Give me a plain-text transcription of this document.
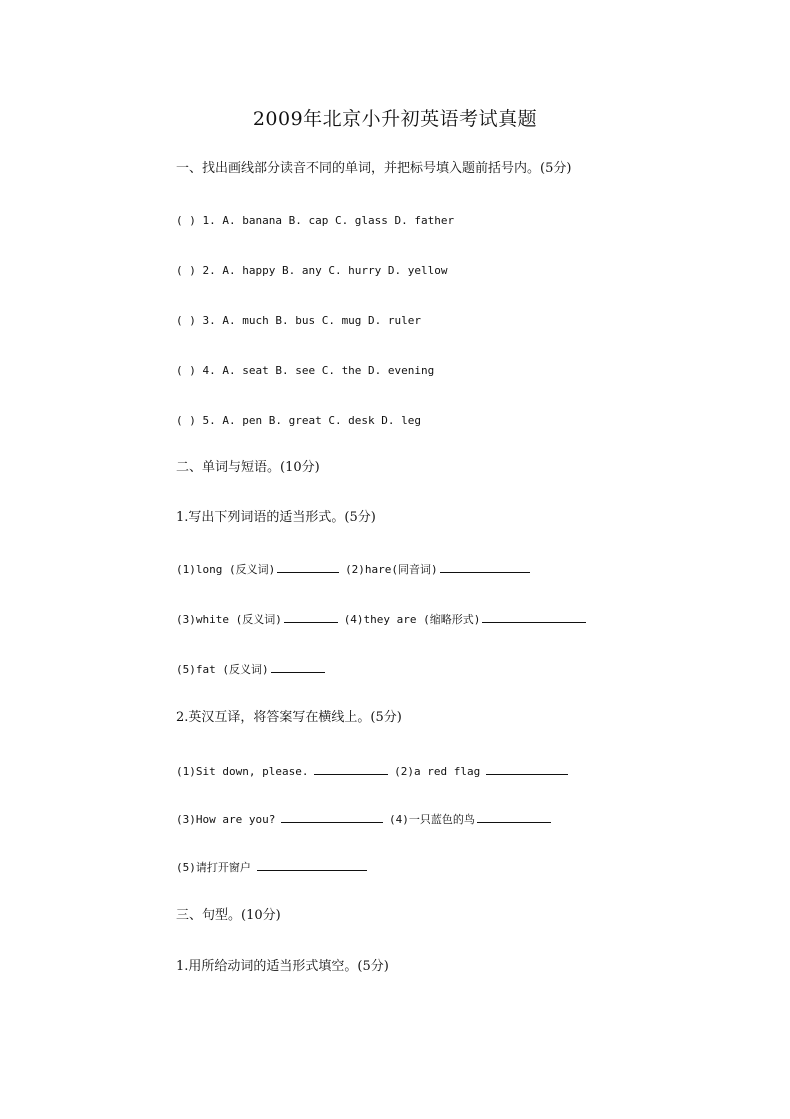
2009年北京小升初英语考试真题
一、找出画线部分读音不同的单词，并把标号填入题前括号内。(5分)
( ) 1. A. banana B. cap C. glass D. father
( ) 2. A. happy B. any C. hurry D. yellow
( ) 3. A. much B. bus C. mug D. ruler
( ) 4. A. seat B. see C. the D. evening
( ) 5. A. pen B. great C. desk D. leg
二、单词与短语。(10分)
1.写出下列词语的适当形式。(5分)
(1)long (反义词)	(2)hare(同音词)
(3)white (反义词)	(4)they are (缩略形式)
(5)fat (反义词)
2.英汉互译，将答案写在横线上。(5分)
(1)Sit down, please.	(2)a red flag
(3)How are you?	(4)一只蓝色的鸟
(5)请打开窗户
三、句型。(10分)
1.用所给动词的适当形式填空。(5分)
